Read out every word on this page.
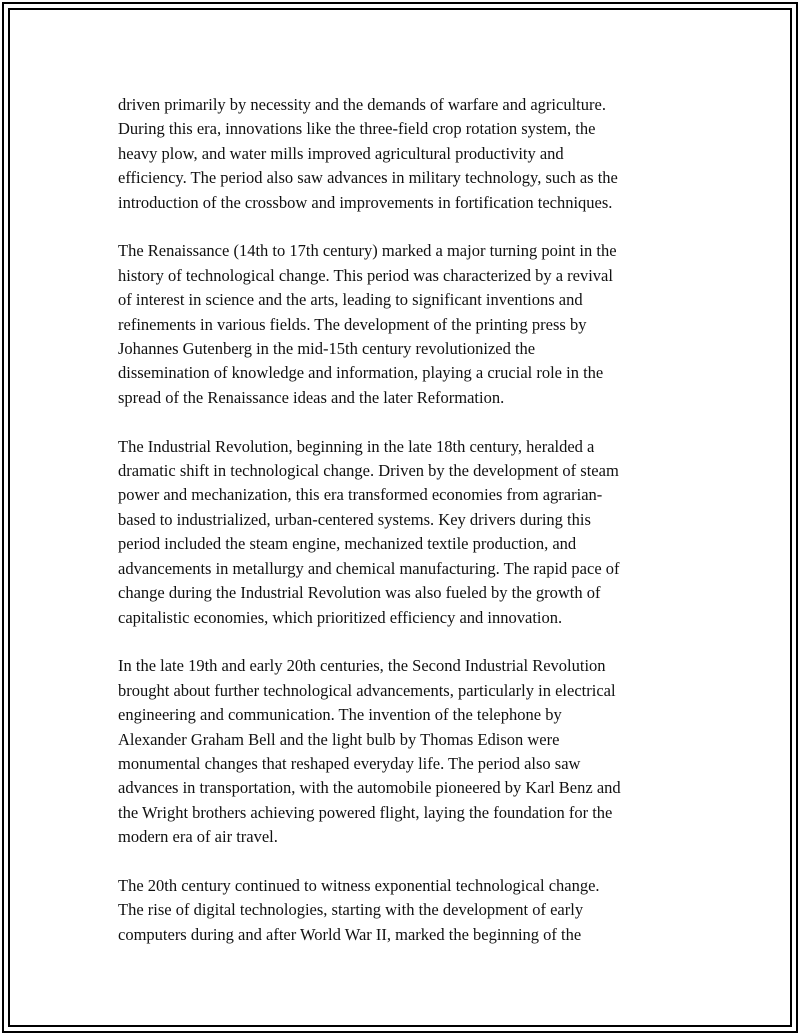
driven primarily by necessity and the demands of warfare and agriculture.
During this era, innovations like the three-field crop rotation system, the
heavy plow, and water mills improved agricultural productivity and
efficiency. The period also saw advances in military technology, such as the
introduction of the crossbow and improvements in fortification techniques.

The Renaissance (14th to 17th century) marked a major turning point in the
history of technological change. This period was characterized by a revival
of interest in science and the arts, leading to significant inventions and
refinements in various fields. The development of the printing press by
Johannes Gutenberg in the mid-15th century revolutionized the
dissemination of knowledge and information, playing a crucial role in the
spread of the Renaissance ideas and the later Reformation.

The Industrial Revolution, beginning in the late 18th century, heralded a
dramatic shift in technological change. Driven by the development of steam
power and mechanization, this era transformed economies from agrarian-
based to industrialized, urban-centered systems. Key drivers during this
period included the steam engine, mechanized textile production, and
advancements in metallurgy and chemical manufacturing. The rapid pace of
change during the Industrial Revolution was also fueled by the growth of
capitalistic economies, which prioritized efficiency and innovation.

In the late 19th and early 20th centuries, the Second Industrial Revolution
brought about further technological advancements, particularly in electrical
engineering and communication. The invention of the telephone by
Alexander Graham Bell and the light bulb by Thomas Edison were
monumental changes that reshaped everyday life. The period also saw
advances in transportation, with the automobile pioneered by Karl Benz and
the Wright brothers achieving powered flight, laying the foundation for the
modern era of air travel.

The 20th century continued to witness exponential technological change.
The rise of digital technologies, starting with the development of early
computers during and after World War II, marked the beginning of the
